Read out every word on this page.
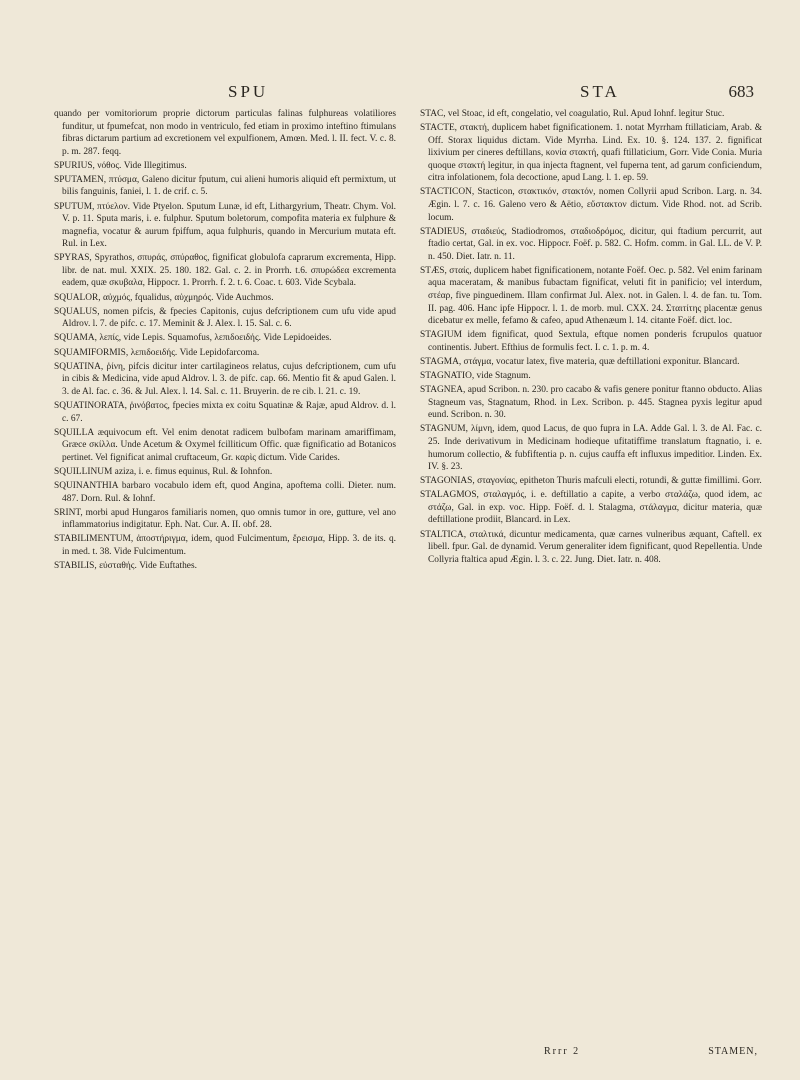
SPU	STA	683

quando per vomitoriorum proprie dictorum particulas falinas fulphureas volatiliores funditur, ut fpumefcat, non modo in ventriculo, fed etiam in proximo inteftino ftimulans fibras dictarum partium ad excretionem vel expulfionem, Amœn. Med. l. II. fect. V. c. 8. p. m. 287. feqq.

SPURIUS, νόθος. Vide Illegitimus.

SPUTAMEN, πτύσμα, Galeno dicitur fputum, cui alieni humoris aliquid eft permixtum, ut bilis fanguinis, faniei, l. 1. de crif. c. 5.

SPUTUM, πτύελον. Vide Ptyelon. Sputum Lunæ, id eft, Lithargyrium, Theatr. Chym. Vol. V. p. 11. Sputa maris, i. e. fulphur. Sputum boletorum, compofita materia ex fulphure & magnefia, vocatur & aurum fpiffum, aqua fulphuris, quando in Mercurium mutata eft. Rul. in Lex.

SPYRAS, Spyrathos, σπυράς, σπύραθος, fignificat globulofa caprarum excrementa, Hipp. libr. de nat. mul. XXIX. 25. 180. 182. Gal. c. 2. in Prorrh. t.6. σπυρώδεα excrementa eadem, quæ σκυβαλα, Hippocr. 1. Prorrh. f. 2. t. 6. Coac. t. 603. Vide Scybala.

SQUALOR, αὐχμός, fqualidus, αὐχμηρός. Vide Auchmos.

SQUALUS, nomen pifcis, & fpecies Capitonis, cujus defcriptionem cum ufu vide apud Aldrov. l. 7. de pifc. c. 17. Meminit & J. Alex. l. 15. Sal. c. 6.

SQUAMA, λεπίς, vide Lepis. Squamofus, λεπιδοειδής. Vide Lepidoeides.

SQUAMIFORMIS, λεπιδοειδής. Vide Lepidofarcoma.

SQUATINA, ῥίνη, pifcis dicitur inter cartilagineos relatus, cujus defcriptionem, cum ufu in cibis & Medicina, vide apud Aldrov. l. 3. de pifc. cap. 66. Mentio fit & apud Galen. l. 3. de Al. fac. c. 36. & Jul. Alex. l. 14. Sal. c. 11. Bruyerin. de re cib. l. 21. c. 19.

SQUATINORATA, ῥινόβατος, fpecies mixta ex coitu Squatinæ & Rajæ, apud Aldrov. d. l. c. 67.

SQUILLA æquivocum eft. Vel enim denotat radicem bulbofam marinam amariffimam, Græce σκίλλα. Unde Acetum & Oxymel fcilliticum Offic. quæ fignificatio ad Botanicos pertinet. Vel fignificat animal cruftaceum, Gr. καρὶς dictum. Vide Carides.

SQUILLINUM aziza, i. e. fimus equinus, Rul. & Iohnfon.

SQUINANTHIA barbaro vocabulo idem eft, quod Angina, apoftema colli. Dieter. num. 487. Dorn. Rul. & Iohnf.

SRINT, morbi apud Hungaros familiaris nomen, quo omnis tumor in ore, gutture, vel ano inflammatorius indigitatur. Eph. Nat. Cur. A. II. obf. 28.

STABILIMENTUM, ἀποστήριγμα, idem, quod Fulcimentum, ἔρεισμα, Hipp. 3. de its. q. in med. t. 38. Vide Fulcimentum.

STABILIS, εὐσταθής. Vide Euftathes.

STAC, vel Stoac, id eft, congelatio, vel coagulatio, Rul. Apud Iohnf. legitur Stuc.

STACTE, στακτή, duplicem habet fignificationem. 1. notat Myrrham ftillaticiam, Arab. & Off. Storax liquidus dictam. Vide Myrrha. Lind. Ex. 10. §. 124. 137. 2. fignificat lixivium per cineres deftillans, κονία στακτή, quafi ftillaticium, Gorr. Vide Conia. Muria quoque στακτή legitur, in qua injecta ftagnent, vel fuperna tent, ad garum conficiendum, citra infolationem, fola decoctione, apud Lang. l. 1. ep. 59.

STACTICON, Stacticon, στακτικόν, στακτόν, nomen Collyrii apud Scribon. Larg. n. 34. Ægin. l. 7. c. 16. Galeno vero & Aëtio, εὔστακτον dictum. Vide Rhod. not. ad Scrib. locum.

STADIEUS, σταδιεύς, Stadiodromos, σταδιοδρόμος, dicitur, qui ftadium percurrit, aut ftadio certat, Gal. in ex. voc. Hippocr. Foëf. p. 582. C. Hofm. comm. in Gal. LL. de V. P. n. 450. Diet. Iatr. n. 11.

STÆS, σταίς, duplicem habet fignificationem, notante Foëf. Oec. p. 582. Vel enim farinam aqua maceratam, & manibus fubactam fignificat, veluti fit in panificio; vel interdum, στέαρ, five pinguedinem. Illam confirmat Jul. Alex. not. in Galen. l. 4. de fan. tu. Tom. II. pag. 406. Hanc ipfe Hippocr. l. 1. de morb. mul. CXX. 24. Σταιτίτης placentæ genus dicebatur ex melle, fefamo & cafeo, apud Athenæum l. 14. citante Foëf. dict. loc.

STAGIUM idem fignificat, quod Sextula, eftque nomen ponderis fcrupulos quatuor continentis. Jubert. Efthius de formulis fect. I. c. 1. p. m. 4.

STAGMA, στάγμα, vocatur latex, five materia, quæ deftillationi exponitur. Blancard.

STAGNATIO, vide Stagnum.

STAGNEA, apud Scribon. n. 230. pro cacabo & vafis genere ponitur ftanno obducto. Alias Stagneum vas, Stagnatum, Rhod. in Lex. Scribon. p. 445. Stagnea pyxis legitur apud eund. Scribon. n. 30.

STAGNUM, λίμνη, idem, quod Lacus, de quo fupra in LA. Adde Gal. l. 3. de Al. Fac. c. 25. Inde derivativum in Medicinam hodieque ufitatiffime translatum ftagnatio, i. e. humorum collectio, & fubfiftentia p. n. cujus cauffa eft influxus impeditior. Linden. Ex. IV. §. 23.

STAGONIAS, σταγονίας, epitheton Thuris mafculi electi, rotundi, & guttæ fimillimi. Gorr.

STALAGMOS, σταλαγμός, i. e. deftillatio a capite, a verbo σταλάζω, quod idem, ac στάζω, Gal. in exp. voc. Hipp. Foëf. d. l. Stalagma, στάλαγμα, dicitur materia, quæ deftillatione prodiit, Blancard. in Lex.

STALTICA, σταλτικά, dicuntur medicamenta, quæ carnes vulneribus æquant, Caftell. ex libell. fpur. Gal. de dynamid. Verum generaliter idem fignificant, quod Repellentia. Unde Collyria ftaltica apud Ægin. l. 3. c. 22. Jung. Diet. Iatr. n. 408.

Rrrr 2	STAMEN,
